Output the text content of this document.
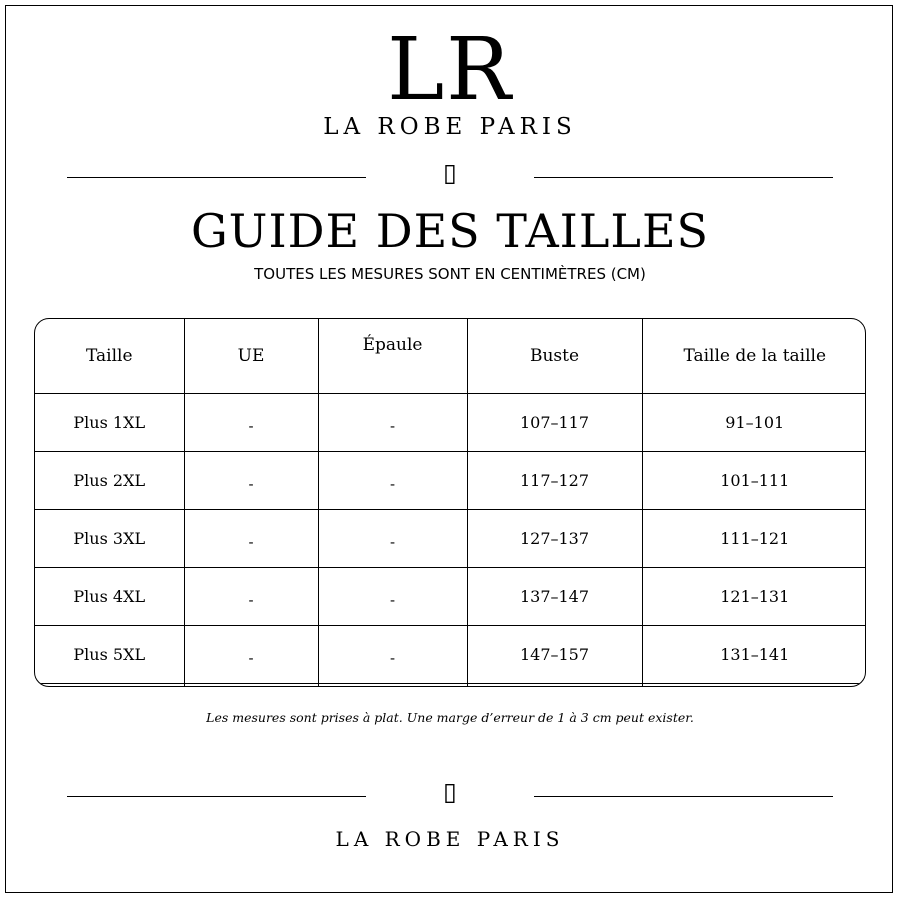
LR
LA ROBE PARIS
▯
GUIDE DES TAILLES
TOUTES LES MESURES SONT EN CENTIMÈTRES (CM)
Taille	UE	Épaule	Buste	Taille de la taille
Plus 1XL	-	-	107–117	91–101
Plus 2XL	-	-	117–127	101–111
Plus 3XL	-	-	127–137	111–121
Plus 4XL	-	-	137–147	121–131
Plus 5XL	-	-	147–157	131–141

Les mesures sont prises à plat. Une marge d’erreur de 1 à 3 cm peut exister.
▯
LA ROBE PARIS
